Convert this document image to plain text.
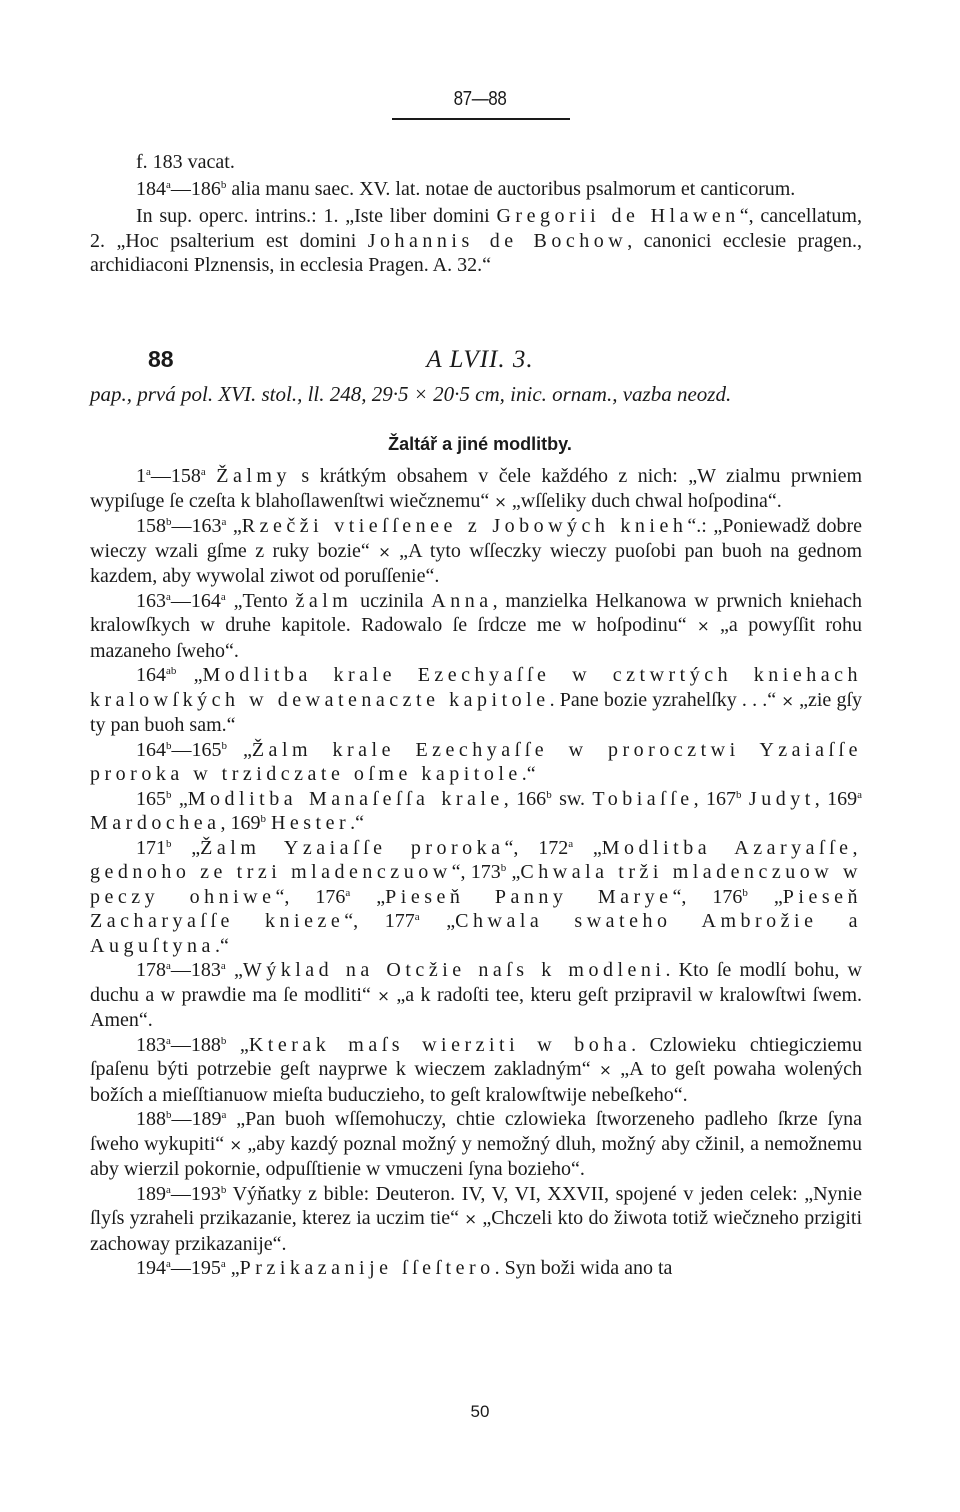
87—88

f. 183 vacat.

184$^a$—186$^b$ alia manu saec. XV. lat. notae de auctoribus psalmorum et canticorum.

In sup. operc. intrins.: 1. „Iste liber domini Gregorii de Hlawen“, cancellatum, 2. „Hoc psalterium est domini Johannis de Bochow, canonici ecclesie pragen., archidiaconi Plznensis, in ecclesia Pragen. A. 32.“

88	A LVII. 3.
pap., prvá pol. XVI. stol., ll. 248, 29·5 × 20·5 cm, inic. ornam., vazba neozd.
Žaltář a jiné modlitby.

1$^a$—158$^a$ Žalmy s krátkým obsahem v čele každého z nich: „W zialmu prwniem wypiſuge ſe czeſta k blahoſlawenſtwi wiečznemu“ × „wſſeliky duch chwal hoſpodina“.

158$^b$—163$^a$ „Rzečži vtieſſenee z Jobowých knieh“.: „Poniewadž dobre wieczy wzali gſme z ruky bozie“ × „A tyto wſſeczky wieczy puoſobi pan buoh na gednom kazdem, aby wywolal ziwot od poruſſenie“.

163$^a$—164$^a$ „Tento žalm uczinila Anna, manzielka Helkanowa w prwnich kniehach kralowſkych w druhe kapitole. Radowalo ſe ſrdcze me w hoſpodinu“ × „a powyſſit rohu mazaneho ſweho“.

$164^{ab}$ „Modlitba krale Ezechyaſſe w cztwrtých kniehach kralowſkých w dewatenaczte kapitole. Pane bozie yzrahelſky . . .“ × „zie gſy ty pan buoh sam.“

164$^b$—165$^b$ „Žalm krale Ezechyaſſe w prorocztwi Yzaiaſſe proroka w trzidczate oſme kapitole.“

165$^b$ „Modlitba Manaſeſſa krale, 166$^b$ sw. Tobiaſſe, 167$^b$ Judyt, 169$^a$ Mardochea, 169$^b$ Hester.“

171$^b$ „Žalm Yzaiaſſe proroka“, 172$^a$ „Modlitba Azaryaſſe, gednoho ze trzi mladenczuow“, 173$^b$ „Chwala trži mladenczuow w peczy ohniwe“, 176$^a$ „Pieseň Panny Marye“, 176$^b$ „Pieseň Zacharyaſſe knieze“, 177$^a$ „Chwala swateho Ambrožie a Auguſtyna.“

178$^a$—183$^a$ „Wýklad na Otcžie naſs k modleni. Kto ſe modlí bohu, w duchu a w prawdie ma ſe modliti“ × „a k radoſti tee, kteru geſt przipravil w kralowſtwi ſwem. Amen“.

183$^a$—188$^b$ „Kterak maſs wierziti w boha. Czlowieku chtiegicziemu ſpaſenu býti potrzebie geſt nayprwe k wieczem zakladným“ × „A to geſt powaha wolených božích a mieſſtianuow mieſta buduczieho, to geſt kralowſtwije nebeſkeho“.

188$^b$—189$^a$ „Pan buoh wſſemohuczy, chtie czlowieka ſtworzeneho padleho ſkrze ſyna ſweho wykupiti“ × „aby kazdý poznal možný y nemožný dluh, možný aby cžinil, a nemožnemu aby wierzil pokornie, odpuſſtienie w vmuczeni ſyna bozieho“.

189$^a$—193$^b$ Výňatky z bible: Deuteron. IV, V, VI, XXVII, spojené v jeden celek: „Nynie ſlyſs yzraheli przikazanie, kterez ia uczim tie“ × „Chczeli kto do žiwota totiž wiečzneho przigiti zachoway przikazanije“.

194$^a$—195$^a$ „Przikazanije ſſeſtero. Syn boži wida ano ta

50
